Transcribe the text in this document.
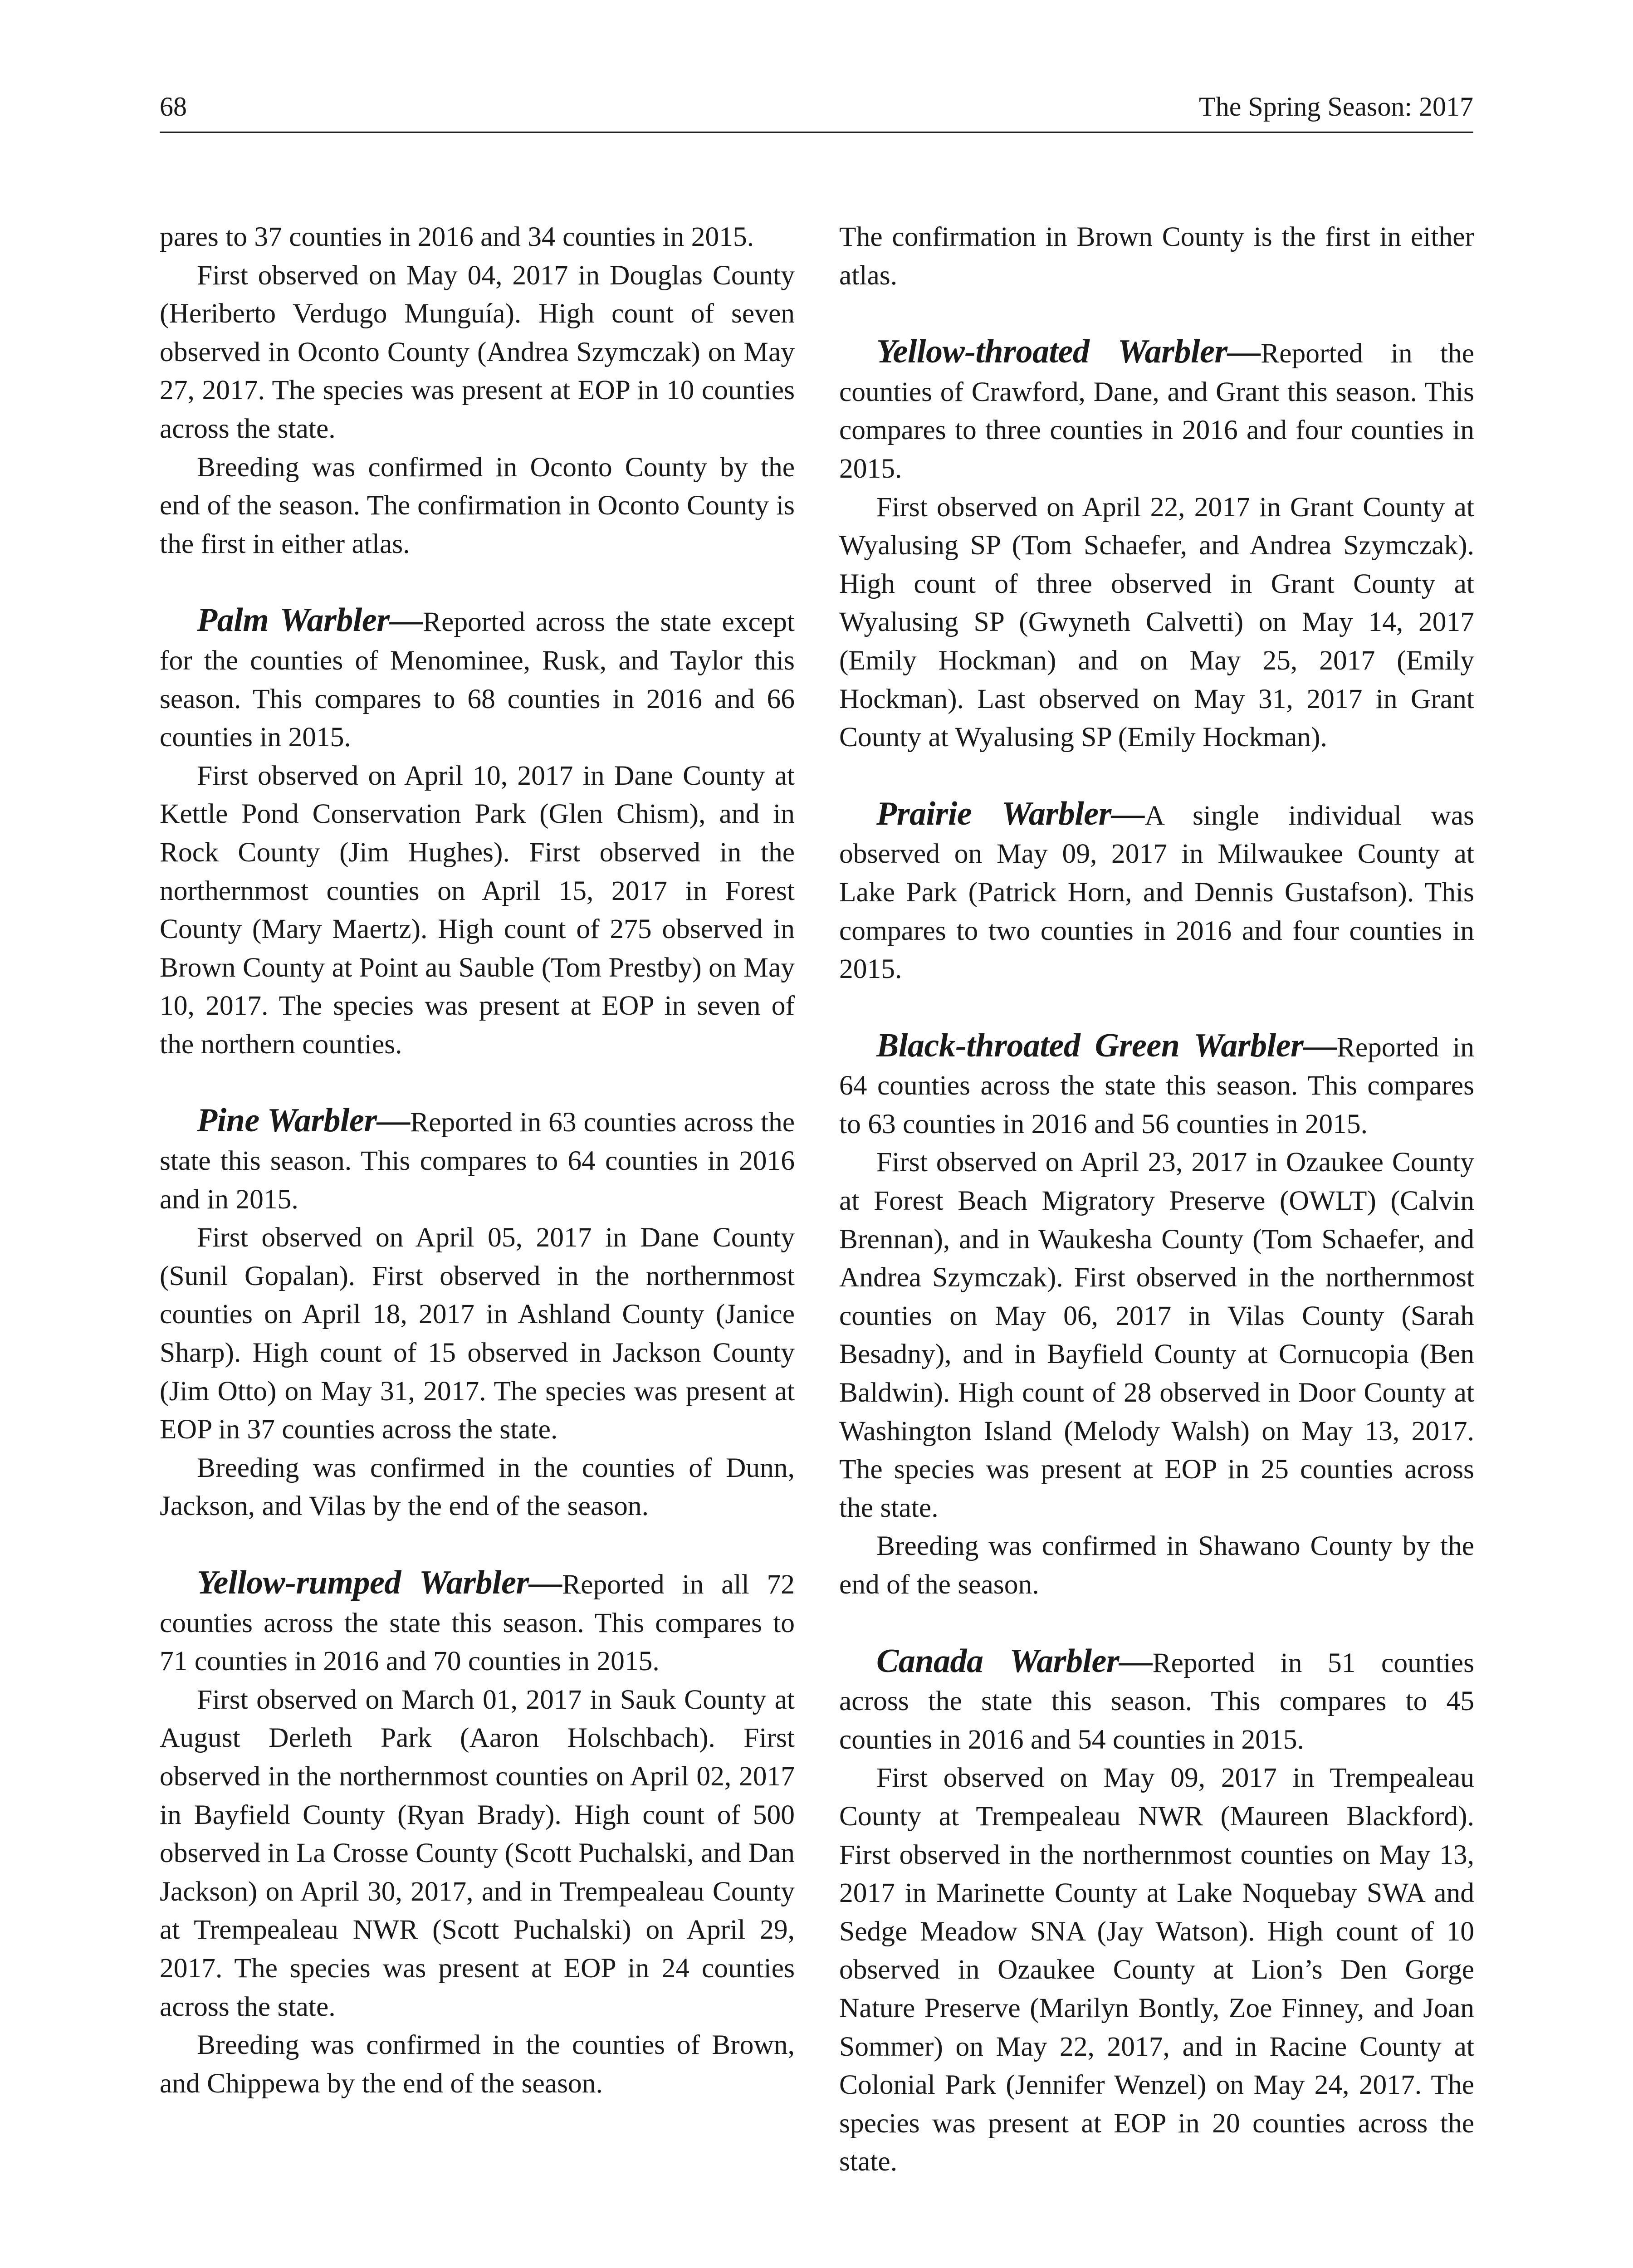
68	The Spring Season: 2017

pares to 37 counties in 2016 and 34 counties in 2015.

First observed on May 04, 2017 in Douglas County (Heriberto Verdugo Munguía). High count of seven observed in Oconto County (Andrea Szymczak) on May 27, 2017. The species was present at EOP in 10 counties across the state.

Breeding was confirmed in Oconto County by the end of the season. The confirmation in Oconto County is the first in either atlas.

Palm Warbler—Reported across the state except for the counties of Menominee, Rusk, and Taylor this season. This compares to 68 counties in 2016 and 66 counties in 2015.

First observed on April 10, 2017 in Dane County at Kettle Pond Conservation Park (Glen Chism), and in Rock County (Jim Hughes). First observed in the northernmost counties on April 15, 2017 in Forest County (Mary Maertz). High count of 275 observed in Brown County at Point au Sauble (Tom Prestby) on May 10, 2017. The species was present at EOP in seven of the northern counties.

Pine Warbler—Reported in 63 counties across the state this season. This compares to 64 counties in 2016 and in 2015.

First observed on April 05, 2017 in Dane County (Sunil Gopalan). First observed in the northernmost counties on April 18, 2017 in Ashland County (Janice Sharp). High count of 15 observed in Jackson County (Jim Otto) on May 31, 2017. The species was present at EOP in 37 counties across the state.

Breeding was confirmed in the counties of Dunn, Jackson, and Vilas by the end of the season.

Yellow-rumped Warbler—Reported in all 72 counties across the state this season. This compares to 71 counties in 2016 and 70 counties in 2015.

First observed on March 01, 2017 in Sauk County at August Derleth Park (Aaron Holschbach). First observed in the northernmost counties on April 02, 2017 in Bayfield County (Ryan Brady). High count of 500 observed in La Crosse County (Scott Puchalski, and Dan Jackson) on April 30, 2017, and in Trempealeau County at Trempealeau NWR (Scott Puchalski) on April 29, 2017. The species was present at EOP in 24 counties across the state.

Breeding was confirmed in the counties of Brown, and Chippewa by the end of the season.

The confirmation in Brown County is the first in either atlas.

Yellow-throated Warbler—Reported in the counties of Crawford, Dane, and Grant this season. This compares to three counties in 2016 and four counties in 2015.

First observed on April 22, 2017 in Grant County at Wyalusing SP (Tom Schaefer, and Andrea Szymczak). High count of three observed in Grant County at Wyalusing SP (Gwyneth Calvetti) on May 14, 2017 (Emily Hockman) and on May 25, 2017 (Emily Hockman). Last observed on May 31, 2017 in Grant County at Wyalusing SP (Emily Hockman).

Prairie Warbler—A single individual was observed on May 09, 2017 in Milwaukee County at Lake Park (Patrick Horn, and Dennis Gustafson). This compares to two counties in 2016 and four counties in 2015.

Black-throated Green Warbler—Reported in 64 counties across the state this season. This compares to 63 counties in 2016 and 56 counties in 2015.

First observed on April 23, 2017 in Ozaukee County at Forest Beach Migratory Preserve (OWLT) (Calvin Brennan), and in Waukesha County (Tom Schaefer, and Andrea Szymczak). First observed in the northernmost counties on May 06, 2017 in Vilas County (Sarah Besadny), and in Bayfield County at Cornucopia (Ben Baldwin). High count of 28 observed in Door County at Washington Island (Melody Walsh) on May 13, 2017. The species was present at EOP in 25 counties across the state.

Breeding was confirmed in Shawano County by the end of the season.

Canada Warbler—Reported in 51 counties across the state this season. This compares to 45 counties in 2016 and 54 counties in 2015.

First observed on May 09, 2017 in Trempealeau County at Trempealeau NWR (Maureen Blackford). First observed in the northernmost counties on May 13, 2017 in Marinette County at Lake Noquebay SWA and Sedge Meadow SNA (Jay Watson). High count of 10 observed in Ozaukee County at Lion’s Den Gorge Nature Preserve (Marilyn Bontly, Zoe Finney, and Joan Sommer) on May 22, 2017, and in Racine County at Colonial Park (Jennifer Wenzel) on May 24, 2017. The species was present at EOP in 20 counties across the state.
